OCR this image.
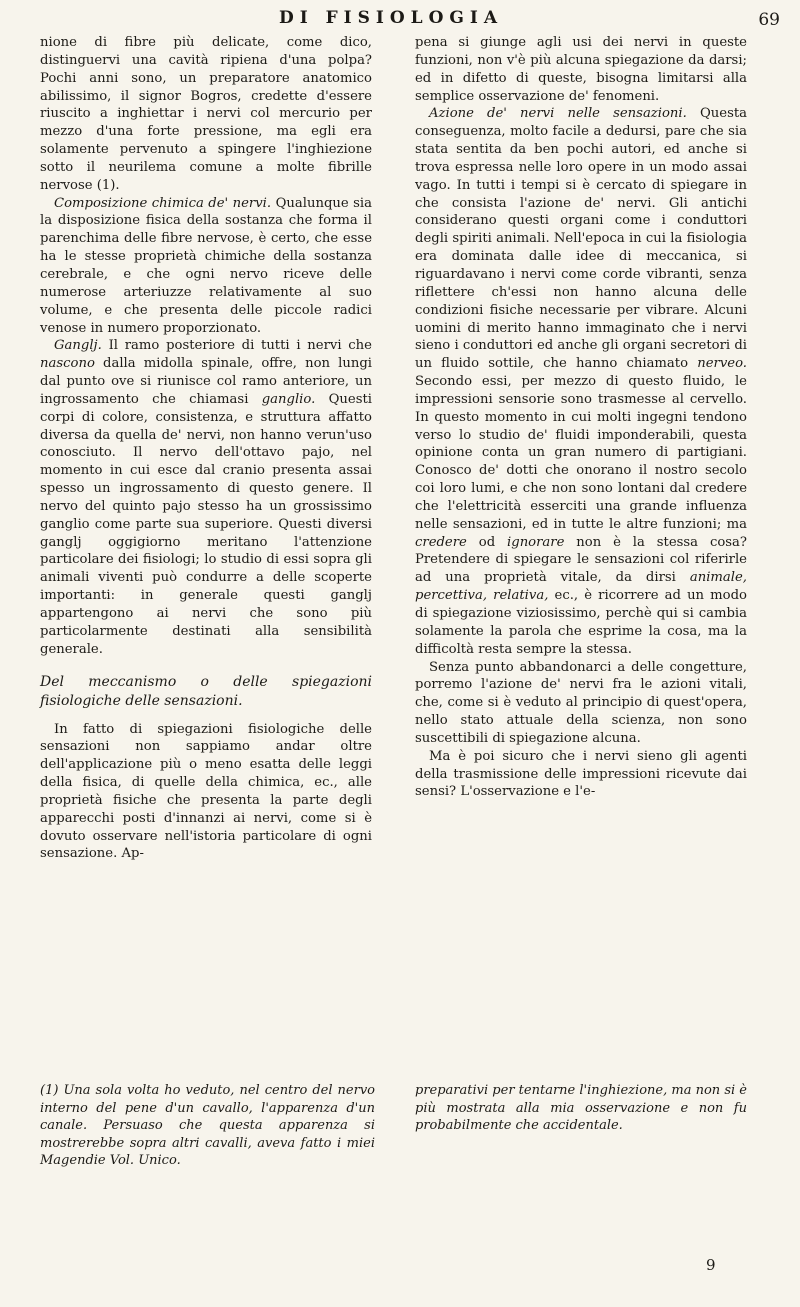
DI FISIOLOGIA	69

nione di fibre più delicate, come dico, distinguervi una cavità ripiena d'una polpa? Pochi anni sono, un preparatore anatomico abilissimo, il signor Bogros, credette d'essere riuscito a inghiettar i nervi col mercurio per mezzo d'una forte pressione, ma egli era solamente pervenuto a spingere l'inghiezione sotto il neurilema comune a molte fibrille nervose (1).

Composizione chimica de' nervi. Qualunque sia la disposizione fisica della sostanza che forma il parenchima delle fibre nervose, è certo, che esse ha le stesse proprietà chimiche della sostanza cerebrale, e che ogni nervo riceve delle numerose arteriuzze relativamente al suo volume, e che presenta delle piccole radici venose in numero proporzionato.

Ganglj. Il ramo posteriore di tutti i nervi che nascono dalla midolla spinale, offre, non lungi dal punto ove si riunisce col ramo anteriore, un ingrossamento che chiamasi ganglio. Questi corpi di colore, consistenza, e struttura affatto diversa da quella de' nervi, non hanno verun'uso conosciuto. Il nervo dell'ottavo pajo, nel momento in cui esce dal cranio presenta assai spesso un ingrossamento di questo genere. Il nervo del quinto pajo stesso ha un grossissimo ganglio come parte sua superiore. Questi diversi ganglj oggigiorno meritano l'attenzione particolare dei fisiologi; lo studio di essi sopra gli animali viventi può condurre a delle scoperte importanti: in generale questi ganglj appartengono ai nervi che sono più particolarmente destinati alla sensibilità generale.

Del meccanismo o delle spiegazioni fisiologiche delle sensazioni.

In fatto di spiegazioni fisiologiche delle sensazioni non sappiamo andar oltre dell'applicazione più o meno esatta delle leggi della fisica, di quelle della chimica, ec., alle proprietà fisiche che presenta la parte degli apparecchi posti d'innanzi ai nervi, come si è dovuto osservare nell'istoria particolare di ogni sensazione. Ap-

pena si giunge agli usi dei nervi in queste funzioni, non v'è più alcuna spiegazione da darsi; ed in difetto di queste, bisogna limitarsi alla semplice osservazione de' fenomeni.

Azione de' nervi nelle sensazioni. Questa conseguenza, molto facile a dedursi, pare che sia stata sentita da ben pochi autori, ed anche si trova espressa nelle loro opere in un modo assai vago. In tutti i tempi si è cercato di spiegare in che consista l'azione de' nervi. Gli antichi considerano questi organi come i conduttori degli spiriti animali. Nell'epoca in cui la fisiologia era dominata dalle idee di meccanica, si riguardavano i nervi come corde vibranti, senza riflettere ch'essi non hanno alcuna delle condizioni fisiche necessarie per vibrare. Alcuni uomini di merito hanno immaginato che i nervi sieno i conduttori ed anche gli organi secretori di un fluido sottile, che hanno chiamato nerveo. Secondo essi, per mezzo di questo fluido, le impressioni sensorie sono trasmesse al cervello. In questo momento in cui molti ingegni tendono verso lo studio de' fluidi imponderabili, questa opinione conta un gran numero di partigiani. Conosco de' dotti che onorano il nostro secolo coi loro lumi, e che non sono lontani dal credere che l'elettricità esserciti una grande influenza nelle sensazioni, ed in tutte le altre funzioni; ma credere od ignorare non è la stessa cosa? Pretendere di spiegare le sensazioni col riferirle ad una proprietà vitale, da dirsi animale, percettiva, relativa, ec., è ricorrere ad un modo di spiegazione viziosissimo, perchè qui si cambia solamente la parola che esprime la cosa, ma la difficoltà resta sempre la stessa.

Senza punto abbandonarci a delle congetture, porremo l'azione de' nervi fra le azioni vitali, che, come si è veduto al principio di quest'opera, nello stato attuale della scienza, non sono suscettibili di spiegazione alcuna.

Ma è poi sicuro che i nervi sieno gli agenti della trasmissione delle impressioni ricevute dai sensi? L'osservazione e l'e-

(1) Una sola volta ho veduto, nel centro del nervo interno del pene d'un cavallo, l'apparenza d'un canale. Persuaso che questa apparenza si mostrerebbe sopra altri cavalli, aveva fatto i miei Magendie Vol. Unico.
preparativi per tentarne l'inghiezione, ma non si è più mostrata alla mia osservazione e non fu probabilmente che accidentale.
9
